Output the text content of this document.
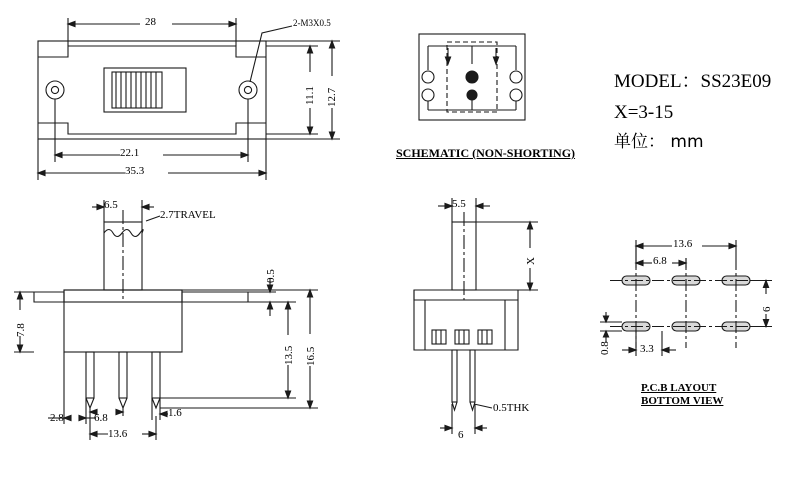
28
22.1
35.3
11.1 12.7
2-M3X0.5
SCHEMATIC (NON-SHORTING)
MODEL：SS23E09
X=3-15
单位： mm
6.5
2.7TRAVEL
0.5
7.8
13.5 16.5
2.8	6.8	1.6
13.6
5.5
X
0.5THK
6
13.6
6.8
6
0.8	3.3
P.C.B LAYOUT
BOTTOM VIEW
